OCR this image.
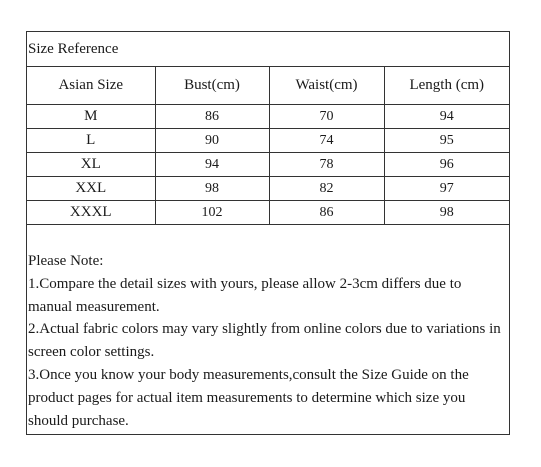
Size Reference
Asian Size	Bust(cm)	Waist(cm)	Length (cm)
M	86	70	94
L	90	74	95
XL	94	78	96
XXL	98	82	97
XXXL	102	86	98

Please Note:

1.Compare the detail sizes with yours, please allow 2-3cm differs due to manual measurement.

2.Actual fabric colors may vary slightly from online colors due to variations in screen color settings.

3.Once you know your body measurements,consult the Size Guide on the product pages for actual item measurements to determine which size you should purchase.
